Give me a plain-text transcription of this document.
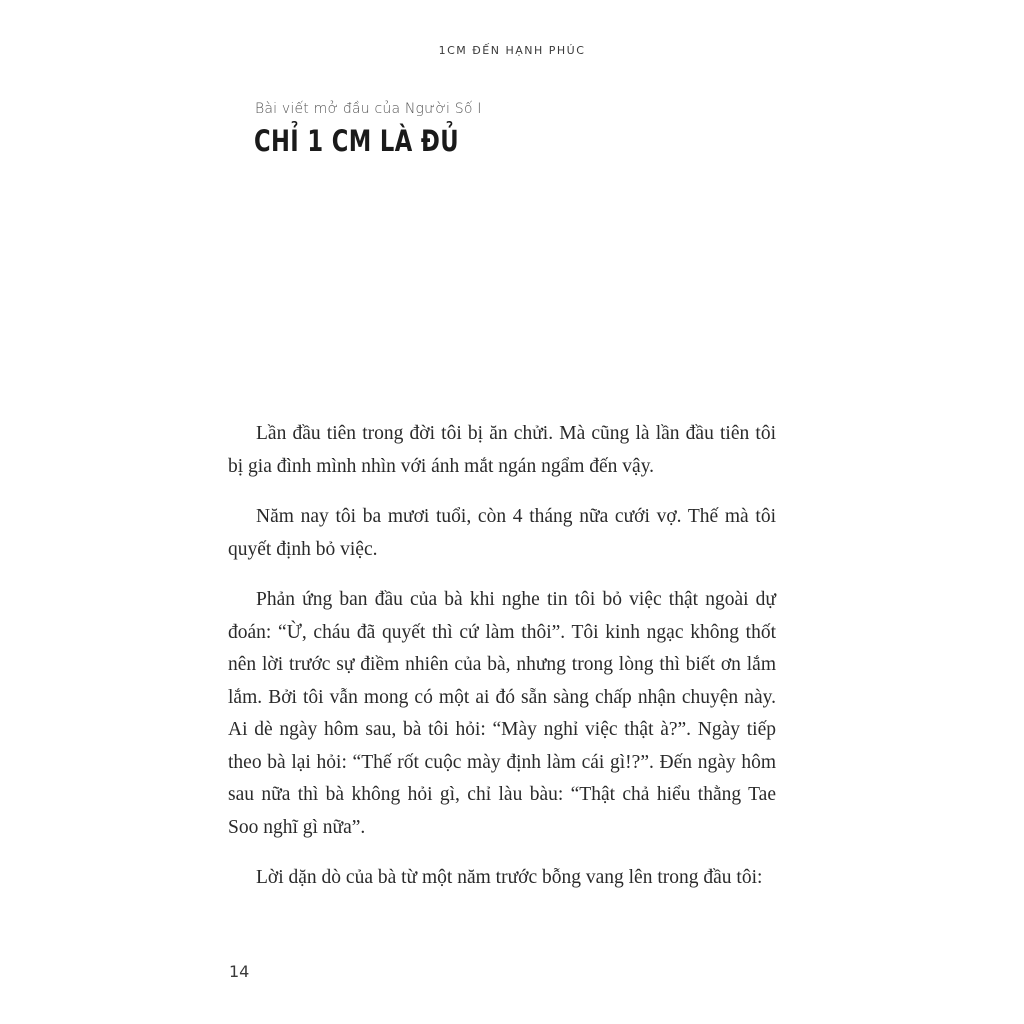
1CM ĐẾN HẠNH PHÚC
Bài viết mở đầu của Người Số I
CHỈ 1 CM LÀ ĐỦ

Lần đầu tiên trong đời tôi bị ăn chửi. Mà cũng là lần đầu tiên tôi bị gia đình mình nhìn với ánh mắt ngán ngẩm đến vậy.

Năm nay tôi ba mươi tuổi, còn 4 tháng nữa cưới vợ. Thế mà tôi quyết định bỏ việc.

Phản ứng ban đầu của bà khi nghe tin tôi bỏ việc thật ngoài dự đoán: “Ừ, cháu đã quyết thì cứ làm thôi”. Tôi kinh ngạc không thốt nên lời trước sự điềm nhiên của bà, nhưng trong lòng thì biết ơn lắm lắm. Bởi tôi vẫn mong có một ai đó sẵn sàng chấp nhận chuyện này. Ai dè ngày hôm sau, bà tôi hỏi: “Mày nghỉ việc thật à?”. Ngày tiếp theo bà lại hỏi: “Thế rốt cuộc mày định làm cái gì!?”. Đến ngày hôm sau nữa thì bà không hỏi gì, chỉ làu bàu: “Thật chả hiểu thằng Tae Soo nghĩ gì nữa”.

Lời dặn dò của bà từ một năm trước bỗng vang lên trong đầu tôi:

14
